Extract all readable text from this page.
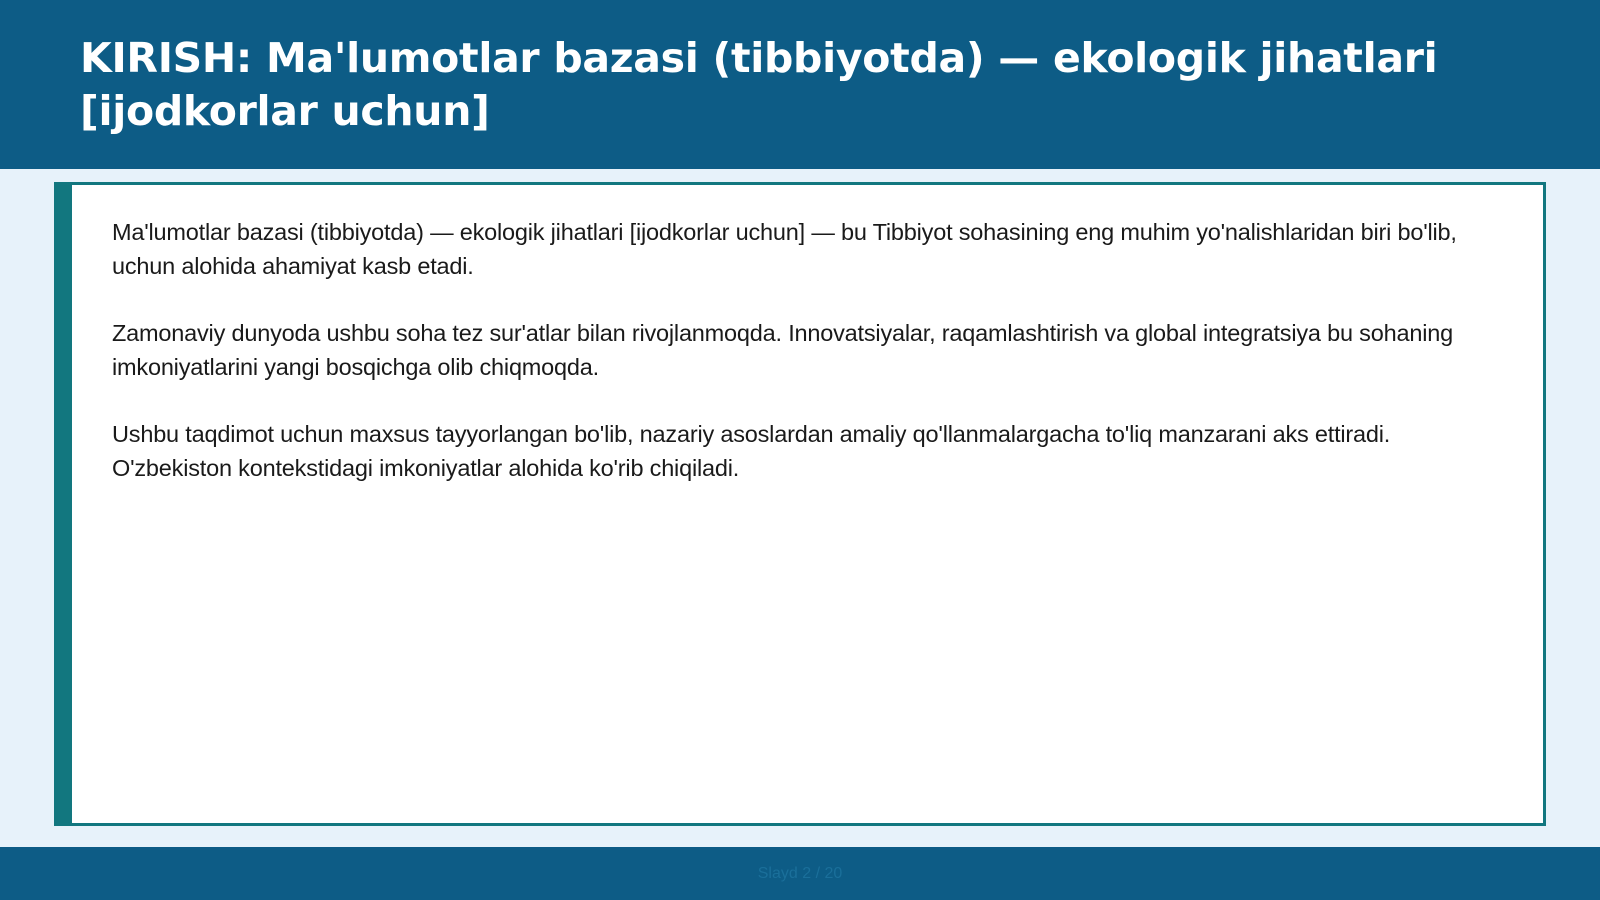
KIRISH: Ma'lumotlar bazasi (tibbiyotda) — ekologik jihatlari [ijodkorlar uchun]

Ma'lumotlar bazasi (tibbiyotda) — ekologik jihatlari [ijodkorlar uchun] — bu Tibbiyot sohasining eng muhim yo'nalishlaridan biri bo'lib, uchun alohida ahamiyat kasb etadi.

Zamonaviy dunyoda ushbu soha tez sur'atlar bilan rivojlanmoqda. Innovatsiyalar, raqamlashtirish va global integratsiya bu sohaning imkoniyatlarini yangi bosqichga olib chiqmoqda.

Ushbu taqdimot uchun maxsus tayyorlangan bo'lib, nazariy asoslardan amaliy qo'llanmalargacha to'liq manzarani aks ettiradi. O'zbekiston kontekstidagi imkoniyatlar alohida ko'rib chiqiladi.

Slayd 2 / 20
